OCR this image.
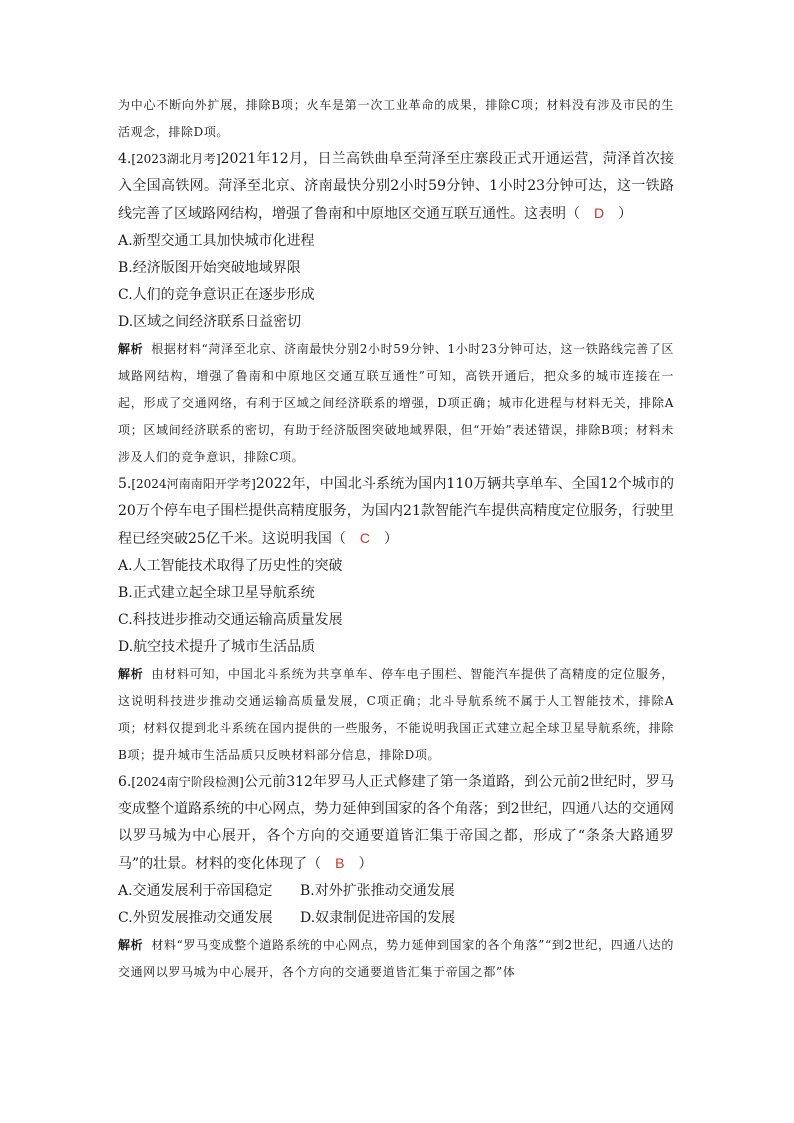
为中心不断向外扩展，排除B项；火车是第一次工业革命的成果，排除C项；材料没有涉及市民的生活观念，排除D项。

4.[2023湖北月考]2021年12月，日兰高铁曲阜至菏泽至庄寨段正式开通运营，菏泽首次接入全国高铁网。菏泽至北京、济南最快分别2小时59分钟、1小时23分钟可达，这一铁路线完善了区域路网结构，增强了鲁南和中原地区交通互联互通性。这表明（ D ）

A.新型交通工具加快城市化进程

B.经济版图开始突破地域界限

C.人们的竞争意识正在逐步形成

D.区域之间经济联系日益密切

解析 根据材料“菏泽至北京、济南最快分别2小时59分钟、1小时23分钟可达，这一铁路线完善了区域路网结构，增强了鲁南和中原地区交通互联互通性”可知，高铁开通后，把众多的城市连接在一起，形成了交通网络，有利于区域之间经济联系的增强，D项正确；城市化进程与材料无关，排除A项；区域间经济联系的密切，有助于经济版图突破地域界限，但“开始”表述错误，排除B项；材料未涉及人们的竞争意识，排除C项。

5.[2024河南南阳开学考]2022年，中国北斗系统为国内110万辆共享单车、全国12个城市的20万个停车电子围栏提供高精度服务，为国内21款智能汽车提供高精度定位服务，行驶里程已经突破25亿千米。这说明我国（ C ）

A.人工智能技术取得了历史性的突破

B.正式建立起全球卫星导航系统

C.科技进步推动交通运输高质量发展

D.航空技术提升了城市生活品质

解析 由材料可知，中国北斗系统为共享单车、停车电子围栏、智能汽车提供了高精度的定位服务，这说明科技进步推动交通运输高质量发展，C项正确；北斗导航系统不属于人工智能技术，排除A项；材料仅提到北斗系统在国内提供的一些服务，不能说明我国正式建立起全球卫星导航系统，排除B项；提升城市生活品质只反映材料部分信息，排除D项。

6.[2024南宁阶段检测]公元前312年罗马人正式修建了第一条道路，到公元前2世纪时，罗马变成整个道路系统的中心网点，势力延伸到国家的各个角落；到2世纪，四通八达的交通网以罗马城为中心展开，各个方向的交通要道皆汇集于帝国之都，形成了“条条大路通罗马”的壮景。材料的变化体现了（ B ）

A.交通发展利于帝国稳定	B.对外扩张推动交通发展
C.外贸发展推动交通发展	D.奴隶制促进帝国的发展

解析 材料“罗马变成整个道路系统的中心网点，势力延伸到国家的各个角落”“到2世纪，四通八达的交通网以罗马城为中心展开，各个方向的交通要道皆汇集于帝国之都”体
